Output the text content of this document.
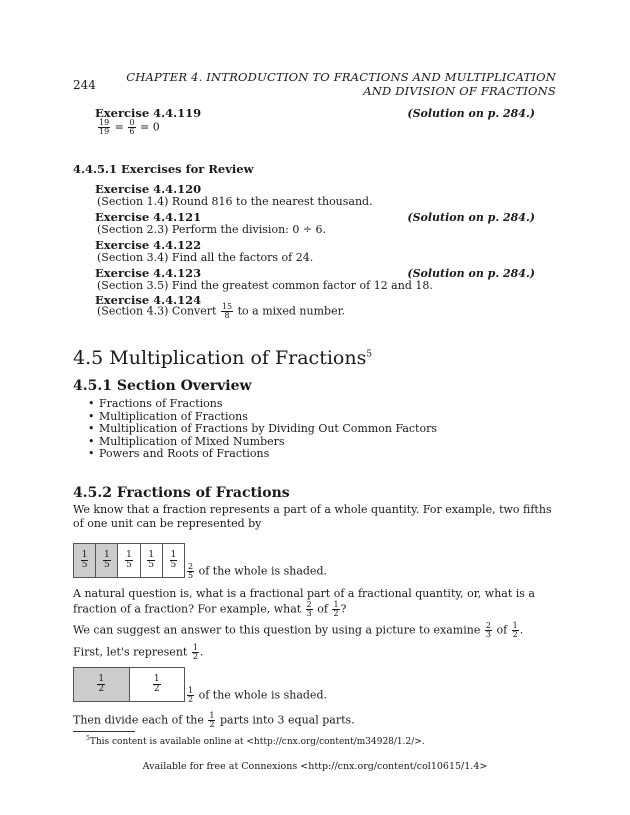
244
CHAPTER 4. INTRODUCTION TO FRACTIONS AND MULTIPLICATION
AND DIVISION OF FRACTIONS
Exercise 4.4.119	(Solution on p. 284.)
$\frac{19}{19} = \frac{0}{6} = 0$
4.4.5.1 Exercises for Review
Exercise 4.4.120
(Section 1.4) Round 816 to the nearest thousand.
Exercise 4.4.121	(Solution on p. 284.)
(Section 2.3) Perform the division: 0 ÷ 6.
Exercise 4.4.122
(Section 3.4) Find all the factors of 24.
Exercise 4.4.123	(Solution on p. 284.)
(Section 3.5) Find the greatest common factor of 12 and 18.
Exercise 4.4.124
(Section 4.3) Convert $\frac{15}{8}$ to a mixed number.
4.5 Multiplication of Fractions$^5$
4.5.1 Section Overview
• Fractions of Fractions
• Multiplication of Fractions
• Multiplication of Fractions by Dividing Out Common Factors
• Multiplication of Mixed Numbers
• Powers and Roots of Fractions
4.5.2 Fractions of Fractions
We know that a fraction represents a part of a whole quantity. For example, two fifths of one unit can be represented by
$\frac{1}{5} \frac{1}{5} \frac{1}{5} \frac{1}{5} \frac{1}{5}$
$\frac{2}{5}$ of the whole is shaded.
A natural question is, what is a fractional part of a fractional quantity, or, what is a fraction of a fraction? For example, what $\frac{2}{3}$ of $\frac{1}{2}$ ?
We can suggest an answer to this question by using a picture to examine $\frac{2}{3}$ of $\frac{1}{2}$ .
First, let's represent $\frac{1}{2}$ .
$\frac{1}{2}$	$\frac{1}{2}$
$\frac{1}{2}$ of the whole is shaded.
Then divide each of the $\frac{1}{2}$ parts into 3 equal parts.
$^5$This content is available online at <http://cnx.org/content/m34928/1.2/>.
Available for free at Connexions <http://cnx.org/content/col10615/1.4>
